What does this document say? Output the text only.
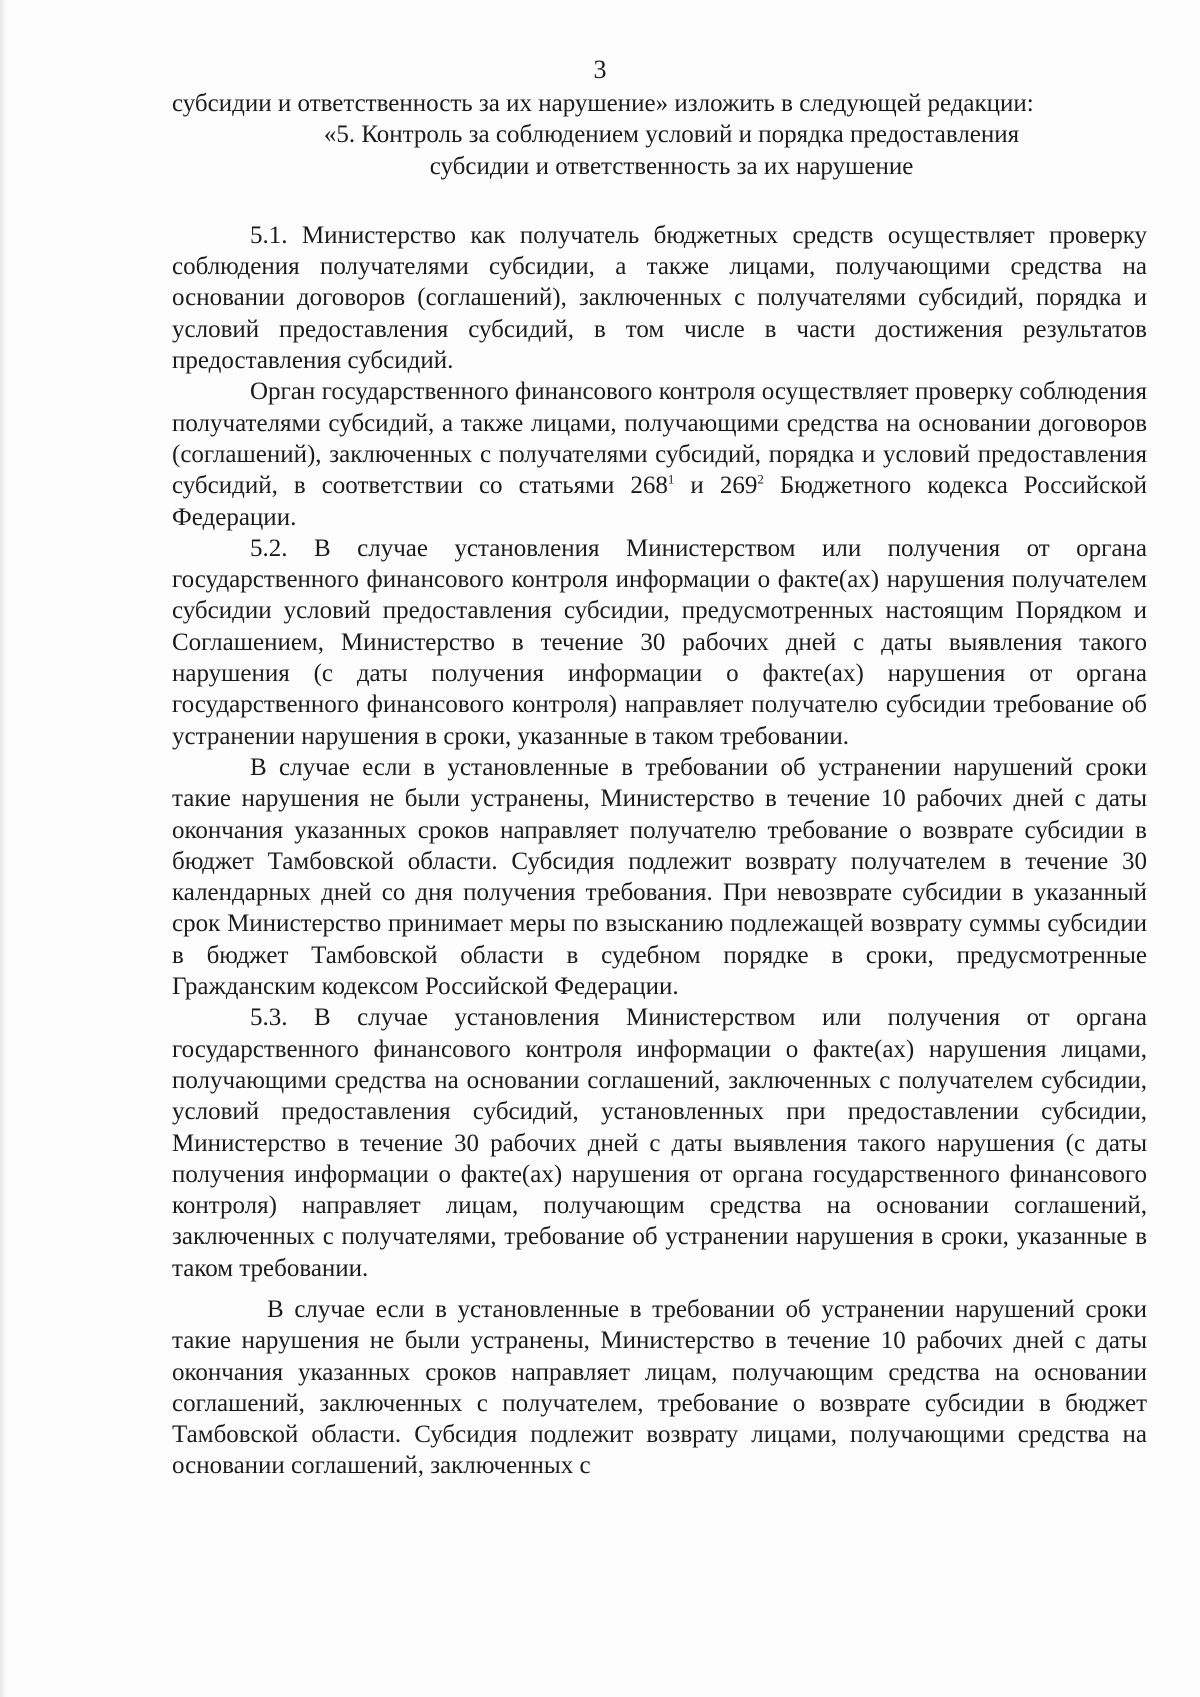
3

субсидии и ответственность за их нарушение» изложить в следующей редакции:

«5. Контроль за соблюдением условий и порядка предоставления
субсидии и ответственность за их нарушение

5.1. Министерство как получатель бюджетных средств осуществляет проверку соблюдения получателями субсидии, а также лицами, получающими средства на основании договоров (соглашений), заключенных с получателями субсидий, порядка и условий предоставления субсидий, в том числе в части достижения результатов предоставления субсидий.

Орган государственного финансового контроля осуществляет проверку соблюдения получателями субсидий, а также лицами, получающими средства на основании договоров (соглашений), заключенных с получателями субсидий, порядка и условий предоставления субсидий, в соответствии со статьями $268^1$ и $269^2$ Бюджетного кодекса Российской Федерации.

5.2. В случае установления Министерством или получения от органа государственного финансового контроля информации о факте(ах) нарушения получателем субсидии условий предоставления субсидии, предусмотренных настоящим Порядком и Соглашением, Министерство в течение 30 рабочих дней с даты выявления такого нарушения (с даты получения информации о факте(ах) нарушения от органа государственного финансового контроля) направляет получателю субсидии требование об устранении нарушения в сроки, указанные в таком требовании.

В случае если в установленные в требовании об устранении нарушений сроки такие нарушения не были устранены, Министерство в течение 10 рабочих дней с даты окончания указанных сроков направляет получателю требование о возврате субсидии в бюджет Тамбовской области. Субсидия подлежит возврату получателем в течение 30 календарных дней со дня получения требования. При невозврате субсидии в указанный срок Министерство принимает меры по взысканию подлежащей возврату суммы субсидии в бюджет Тамбовской области в судебном порядке в сроки, предусмотренные Гражданским кодексом Российской Федерации.

5.3. В случае установления Министерством или получения от органа государственного финансового контроля информации о факте(ах) нарушения лицами, получающими средства на основании соглашений, заключенных с получателем субсидии, условий предоставления субсидий, установленных при предоставлении субсидии, Министерство в течение 30 рабочих дней с даты выявления такого нарушения (с даты получения информации о факте(ах) нарушения от органа государственного финансового контроля) направляет лицам, получающим средства на основании соглашений, заключенных с получателями, требование об устранении нарушения в сроки, указанные в таком требовании.

В случае если в установленные в требовании об устранении нарушений сроки такие нарушения не были устранены, Министерство в течение 10 рабочих дней с даты окончания указанных сроков направляет лицам, получающим средства на основании соглашений, заключенных с получателем, требование о возврате субсидии в бюджет Тамбовской области. Субсидия подлежит возврату лицами, получающими средства на основании соглашений, заключенных с
